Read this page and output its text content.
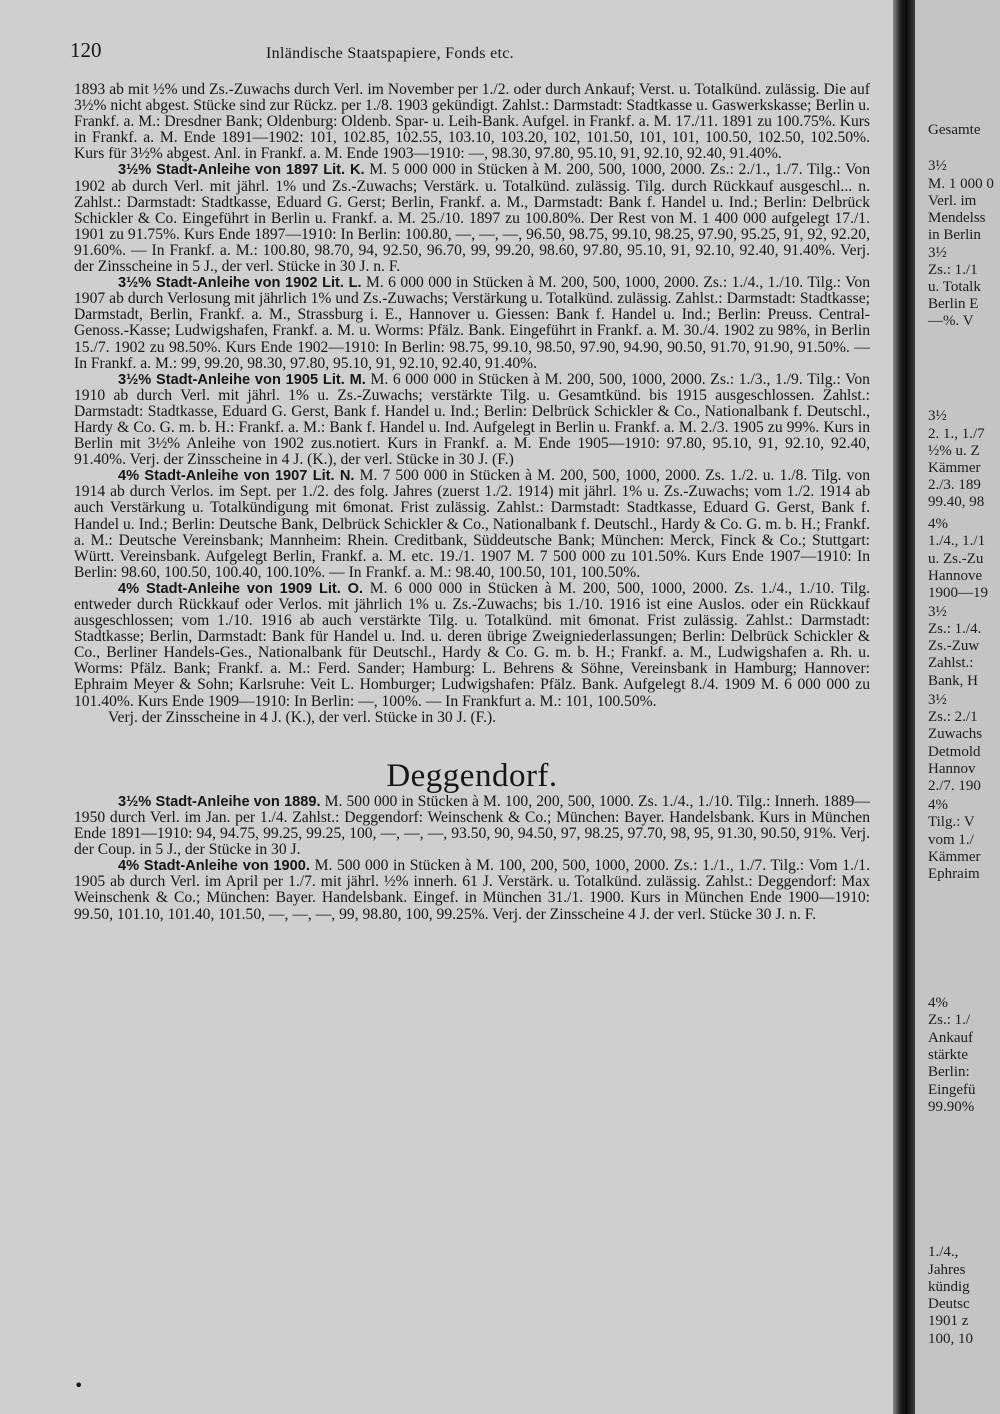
120	Inländische Staatspapiere, Fonds etc.

1893 ab mit ½% und Zs.-Zuwachs durch Verl. im November per 1./2. oder durch Ankauf; Verst. u. Totalkünd. zulässig. Die auf 3½% nicht abgest. Stücke sind zur Rückz. per 1./8. 1903 gekündigt. Zahlst.: Darmstadt: Stadtkasse u. Gaswerkskasse; Berlin u. Frankf. a. M.: Dresdner Bank; Oldenburg: Oldenb. Spar- u. Leih-Bank. Aufgel. in Frankf. a. M. 17./11. 1891 zu 100.75%. Kurs in Frankf. a. M. Ende 1891—1902: 101, 102.85, 102.55, 103.10, 103.20, 102, 101.50, 101, 101, 100.50, 102.50, 102.50%. Kurs für 3½% abgest. Anl. in Frankf. a. M. Ende 1903—1910: —, 98.30, 97.80, 95.10, 91, 92.10, 92.40, 91.40%.

3½% Stadt-Anleihe von 1897 Lit. K. M. 5 000 000 in Stücken à M. 200, 500, 1000, 2000. Zs.: 2./1., 1./7. Tilg.: Von 1902 ab durch Verl. mit jährl. 1% und Zs.-Zuwachs; Verstärk. u. Totalkünd. zulässig. Tilg. durch Rückkauf ausgeschl... n. Zahlst.: Darmstadt: Stadtkasse, Eduard G. Gerst; Berlin, Frankf. a. M., Darmstadt: Bank f. Handel u. Ind.; Berlin: Delbrück Schickler & Co. Eingeführt in Berlin u. Frankf. a. M. 25./10. 1897 zu 100.80%. Der Rest von M. 1 400 000 aufgelegt 17./1. 1901 zu 91.75%. Kurs Ende 1897—1910: In Berlin: 100.80, —, —, —, 96.50, 98.75, 99.10, 98.25, 97.90, 95.25, 91, 92, 92.20, 91.60%. — In Frankf. a. M.: 100.80, 98.70, 94, 92.50, 96.70, 99, 99.20, 98.60, 97.80, 95.10, 91, 92.10, 92.40, 91.40%. Verj. der Zinsscheine in 5 J., der verl. Stücke in 30 J. n. F.

3½% Stadt-Anleihe von 1902 Lit. L. M. 6 000 000 in Stücken à M. 200, 500, 1000, 2000. Zs.: 1./4., 1./10. Tilg.: Von 1907 ab durch Verlosung mit jährlich 1% und Zs.-Zuwachs; Verstärkung u. Totalkünd. zulässig. Zahlst.: Darmstadt: Stadtkasse; Darmstadt, Berlin, Frankf. a. M., Strassburg i. E., Hannover u. Giessen: Bank f. Handel u. Ind.; Berlin: Preuss. Central-Genoss.-Kasse; Ludwigshafen, Frankf. a. M. u. Worms: Pfälz. Bank. Eingeführt in Frankf. a. M. 30./4. 1902 zu 98%, in Berlin 15./7. 1902 zu 98.50%. Kurs Ende 1902—1910: In Berlin: 98.75, 99.10, 98.50, 97.90, 94.90, 90.50, 91.70, 91.90, 91.50%. — In Frankf. a. M.: 99, 99.20, 98.30, 97.80, 95.10, 91, 92.10, 92.40, 91.40%.

3½% Stadt-Anleihe von 1905 Lit. M. M. 6 000 000 in Stücken à M. 200, 500, 1000, 2000. Zs.: 1./3., 1./9. Tilg.: Von 1910 ab durch Verl. mit jährl. 1% u. Zs.-Zuwachs; verstärkte Tilg. u. Gesamtkünd. bis 1915 ausgeschlossen. Zahlst.: Darmstadt: Stadtkasse, Eduard G. Gerst, Bank f. Handel u. Ind.; Berlin: Delbrück Schickler & Co., Nationalbank f. Deutschl., Hardy & Co. G. m. b. H.: Frankf. a. M.: Bank f. Handel u. Ind. Aufgelegt in Berlin u. Frankf. a. M. 2./3. 1905 zu 99%. Kurs in Berlin mit 3½% Anleihe von 1902 zus.notiert. Kurs in Frankf. a. M. Ende 1905—1910: 97.80, 95.10, 91, 92.10, 92.40, 91.40%. Verj. der Zinsscheine in 4 J. (K.), der verl. Stücke in 30 J. (F.)

4% Stadt-Anleihe von 1907 Lit. N. M. 7 500 000 in Stücken à M. 200, 500, 1000, 2000. Zs. 1./2. u. 1./8. Tilg. von 1914 ab durch Verlos. im Sept. per 1./2. des folg. Jahres (zuerst 1./2. 1914) mit jährl. 1% u. Zs.-Zuwachs; vom 1./2. 1914 ab auch Verstärkung u. Totalkündigung mit 6monat. Frist zulässig. Zahlst.: Darmstadt: Stadtkasse, Eduard G. Gerst, Bank f. Handel u. Ind.; Berlin: Deutsche Bank, Delbrück Schickler & Co., Nationalbank f. Deutschl., Hardy & Co. G. m. b. H.; Frankf. a. M.: Deutsche Vereinsbank; Mannheim: Rhein. Creditbank, Süddeutsche Bank; München: Merck, Finck & Co.; Stuttgart: Württ. Vereinsbank. Aufgelegt Berlin, Frankf. a. M. etc. 19./1. 1907 M. 7 500 000 zu 101.50%. Kurs Ende 1907—1910: In Berlin: 98.60, 100.50, 100.40, 100.10%. — In Frankf. a. M.: 98.40, 100.50, 101, 100.50%.

4% Stadt-Anleihe von 1909 Lit. O. M. 6 000 000 in Stücken à M. 200, 500, 1000, 2000. Zs. 1./4., 1./10. Tilg. entweder durch Rückkauf oder Verlos. mit jährlich 1% u. Zs.-Zuwachs; bis 1./10. 1916 ist eine Auslos. oder ein Rückkauf ausgeschlossen; vom 1./10. 1916 ab auch verstärkte Tilg. u. Totalkünd. mit 6monat. Frist zulässig. Zahlst.: Darmstadt: Stadtkasse; Berlin, Darmstadt: Bank für Handel u. Ind. u. deren übrige Zweigniederlassungen; Berlin: Delbrück Schickler & Co., Berliner Handels-Ges., Nationalbank für Deutschl., Hardy & Co. G. m. b. H.; Frankf. a. M., Ludwigshafen a. Rh. u. Worms: Pfälz. Bank; Frankf. a. M.: Ferd. Sander; Hamburg: L. Behrens & Söhne, Vereinsbank in Hamburg; Hannover: Ephraim Meyer & Sohn; Karlsruhe: Veit L. Homburger; Ludwigshafen: Pfälz. Bank. Aufgelegt 8./4. 1909 M. 6 000 000 zu 101.40%. Kurs Ende 1909—1910: In Berlin: —, 100%. — In Frankfurt a. M.: 101, 100.50%.

Verj. der Zinsscheine in 4 J. (K.), der verl. Stücke in 30 J. (F.).

Deggendorf.

3½% Stadt-Anleihe von 1889. M. 500 000 in Stücken à M. 100, 200, 500, 1000. Zs. 1./4., 1./10. Tilg.: Innerh. 1889—1950 durch Verl. im Jan. per 1./4. Zahlst.: Deggendorf: Weinschenk & Co.; München: Bayer. Handelsbank. Kurs in München Ende 1891—1910: 94, 94.75, 99.25, 99.25, 100, —, —, —, 93.50, 90, 94.50, 97, 98.25, 97.70, 98, 95, 91.30, 90.50, 91%. Verj. der Coup. in 5 J., der Stücke in 30 J.

4% Stadt-Anleihe von 1900. M. 500 000 in Stücken à M. 100, 200, 500, 1000, 2000. Zs.: 1./1., 1./7. Tilg.: Vom 1./1. 1905 ab durch Verl. im April per 1./7. mit jährl. ½% innerh. 61 J. Verstärk. u. Totalkünd. zulässig. Zahlst.: Deggendorf: Max Weinschenk & Co.; München: Bayer. Handelsbank. Eingef. in München 31./1. 1900. Kurs in München Ende 1900—1910: 99.50, 101.10, 101.40, 101.50, —, —, —, 99, 98.80, 100, 99.25%. Verj. der Zinsscheine 4 J. der verl. Stücke 30 J. n. F.

•
Gesamte
3½
M. 1 000 0
Verl. im
Mendelss
in Berlin
3½
Zs.: 1./1
u. Totalk
Berlin E
—%. V
3½
2. 1., 1./7
½% u. Z
Kämmer
2./3. 189
99.40, 98
4%
1./4., 1./1
u. Zs.-Zu
Hannove
1900—19
3½
Zs.: 1./4.
Zs.-Zuw
Zahlst.:
Bank, H
3½
Zs.: 2./1
Zuwachs
Detmold
Hannov
2./7. 190
4%
Tilg.: V
vom 1./
Kämmer
Ephraim
4%
Zs.: 1./
Ankauf
stärkte
Berlin:
Eingefü
99.90%
1./4.,
Jahres
kündig
Deutsc
1901 z
100, 10
